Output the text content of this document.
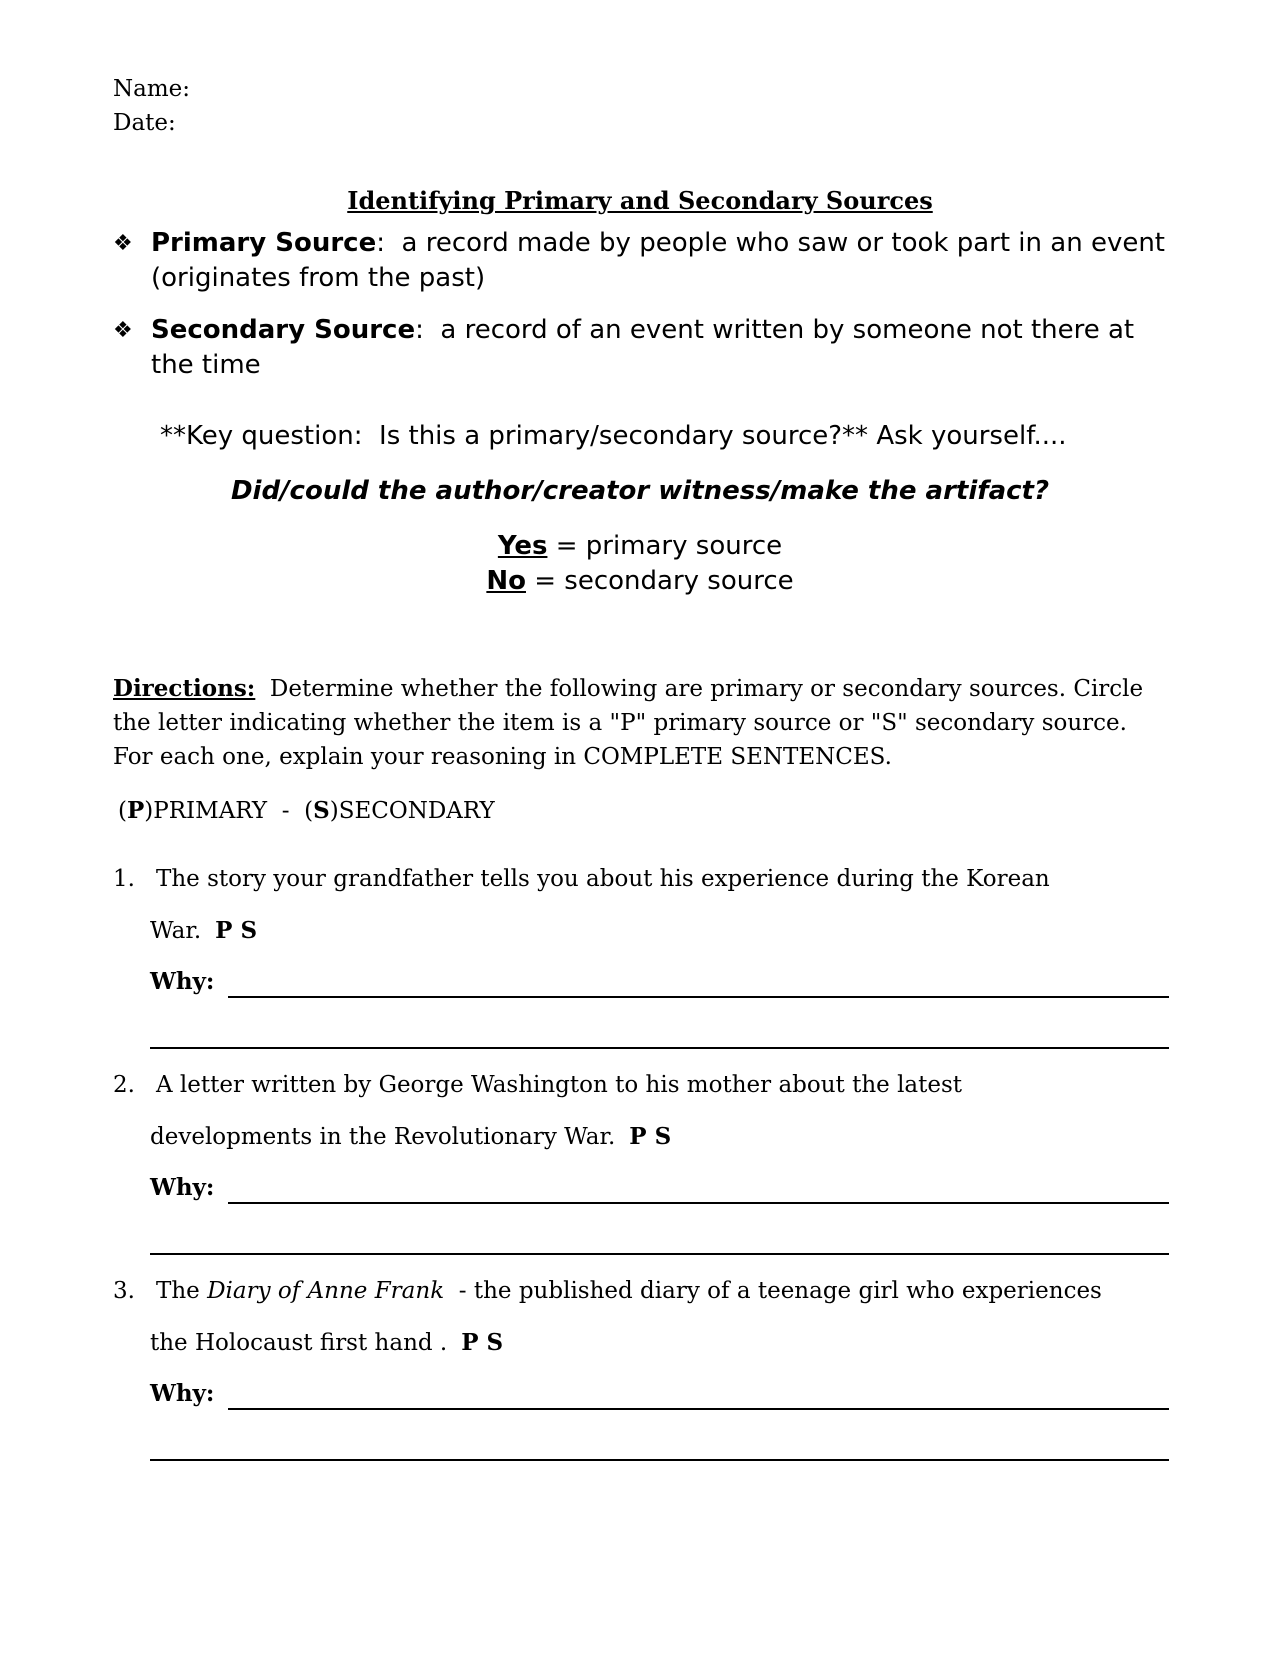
Name:
Date:
Identifying Primary and Secondary Sources
❖ Primary Source:  a record made by people who saw or took part in an event (originates from the past)
❖ Secondary Source:  a record of an event written by someone not there at the time
**Key question:  Is this a primary/secondary source?** Ask yourself....
Did/could the author/creator witness/make the artifact?
Yes = primary source
No = secondary source
Directions:  Determine whether the following are primary or secondary sources. Circle the letter indicating whether the item is a "P" primary source or "S" secondary source.  For each one, explain your reasoning in COMPLETE SENTENCES.
(P)PRIMARY  -  (S)SECONDARY
1. The story your grandfather tells you about his experience during the Korean
War. P S
Why:
2. A letter written by George Washington to his mother about the latest
developments in the Revolutionary War. P S
Why:
3. The Diary of Anne Frank  - the published diary of a teenage girl who experiences
the Holocaust first hand . P S
Why:
